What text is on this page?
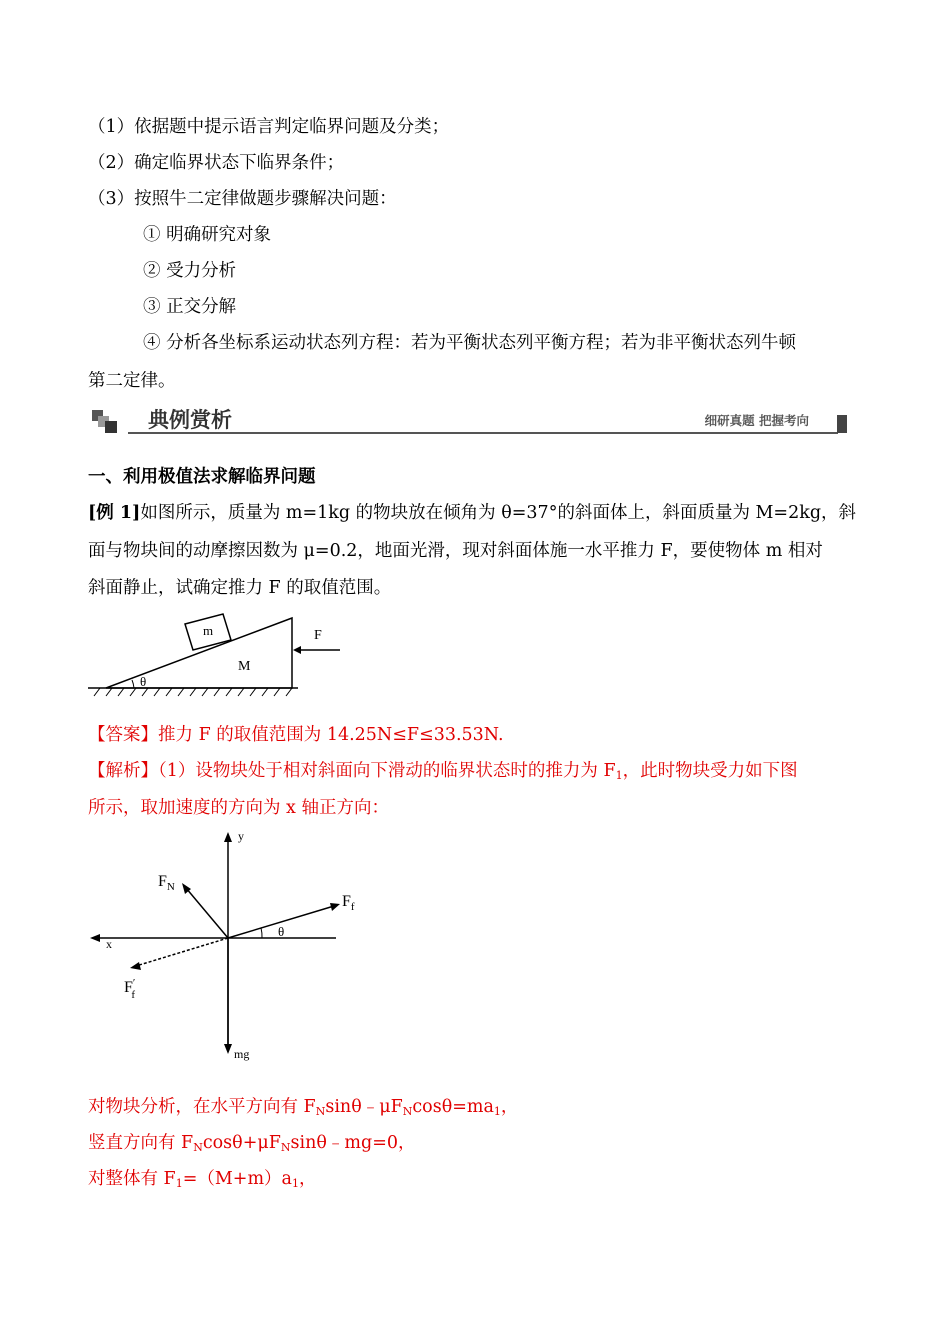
（1）依据题中提示语言判定临界问题及分类；
（2）确定临界状态下临界条件；
（3）按照牛二定律做题步骤解决问题：
① 明确研究对象
② 受力分析
③ 正交分解
④ 分析各坐标系运动状态列方程：若为平衡状态列平衡方程；若为非平衡状态列牛顿
第二定律。
典例赏析	细研真题 把握考向
一、利用极值法求解临界问题
[例 1]如图所示，质量为 m=1kg 的物块放在倾角为 θ=37°的斜面体上，斜面质量为 M=2kg，斜
面与物块间的动摩擦因数为 μ=0.2，地面光滑，现对斜面体施一水平推力 F，要使物体 m 相对
斜面静止，试确定推力 F 的取值范围。
m
M
θ
F
【答案】推力 F 的取值范围为 14.25N≤F≤33.53N.
【解析】（1）设物块处于相对斜面向下滑动的临界状态时的推力为 $F_1$，此时物块受力如下图
所示，取加速度的方向为 x 轴正方向：
y
x
mg
$F_N$
$F_f$
θ
F′ f
对物块分析，在水平方向有 $F_N\sin\theta﹣\mu F_N\cos\theta=ma_1$，
竖直方向有 $F_N\cos\theta+\mu F_N\sin\theta﹣mg=0$，
对整体有 $F_1=(M+m)a_1$，
